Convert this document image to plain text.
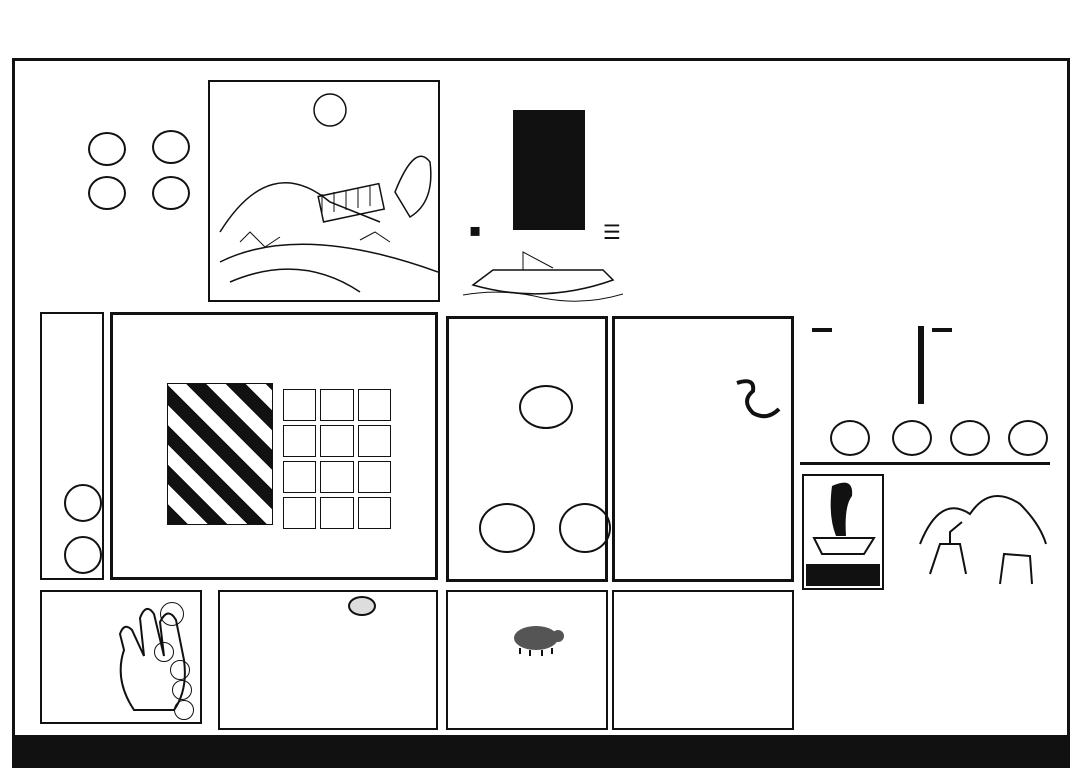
▪	☰
